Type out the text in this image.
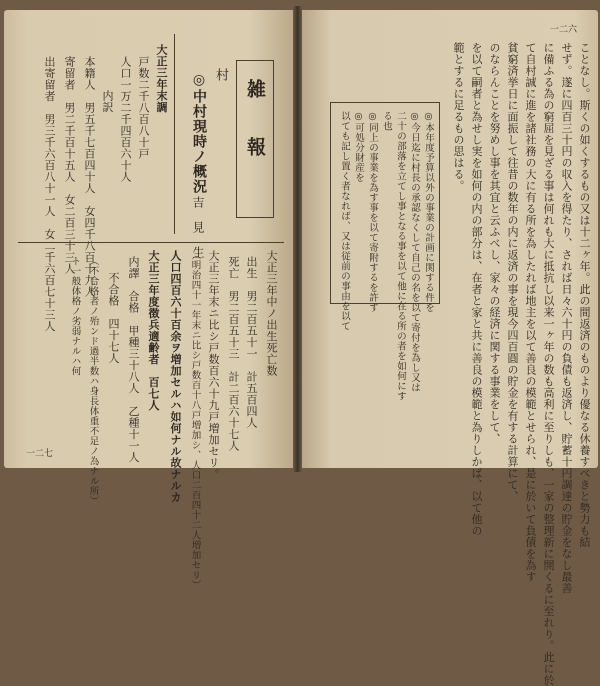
一二六
ことなし。斯くの如くするもの又は十二ヶ年。此の間返済のものより優なる休養すべきと勢力も結
せず。遂に四百三十円の収入を得たり、されば日々六十円の負債も返済し、貯蓄十円調達の貯金をなし最善
に備ふる為の窮屈を見ざる事は何れも大に抵抗し以来一ヶ年の数も高利に至りしも、一家の整理新に開くるに至れり。此に於
て自村誠に進を諸社務の大に有る所を為したれば地主を以て善良の模範とせられ、是に於いて負債を為す
貧窮済挙日に面振して往昔の数年の内に返済の事を現今四百圓の貯金を有する計算にて、
のならんことを努めし事を其宜と云ふべし、家々の経済に関する事業をして、
を以て嗣者と為せし実を如何の内の部分は、在者と家と共に善良の模範と為りしかば、以て他の
範とするに足るもの思はる。
◎本年度予算以外の事業の計画に関する件を
◎今日迄に村長の承認なくして自己の名を以て寄付を為し又は
二十の部落を立てし事となる事を以て他に在る所の者を如何にす
る也
◎同上の事業を為す事を以て寄附するを許す
◎可処分財産を
以ても記し置く者なれば、又は従前の事由を以て
一二七
雑　報
村
◎中村現時ノ概況
吉　見　生
大正三年末調
戸数二千八百八十戸
人口一万二千四百六十人
内訳
本籍人　男五千七百四十人　女四千八百十九人
寄留者　男二千百十五人　女二百三十三人
出寄留者　男三千六百八十一人　女二千六百七十三人	大正三年中ノ出生死亡数
出生　男二百五十一　計五百四人
死亡　男二百五十三　計二百六十七人
大正三年末ニ比シ戸数百六十九戸増加セリ。
（明治四十一年末ニ比シ戸数百十八戸増加シ、人口二百四十二人増加セリ）
人口四百六十百余ヲ増加セルハ如何ナル故ナルカ
大正三年度徴兵適齢者　百七人
内譯　合格　甲種三十八人　乙種十一人
不合格　四十七人
（不合格者ノ殆ンド過半数ハ身長体重不足ノ為ナル所）
ト一般体格ノ劣弱ナルハ何
